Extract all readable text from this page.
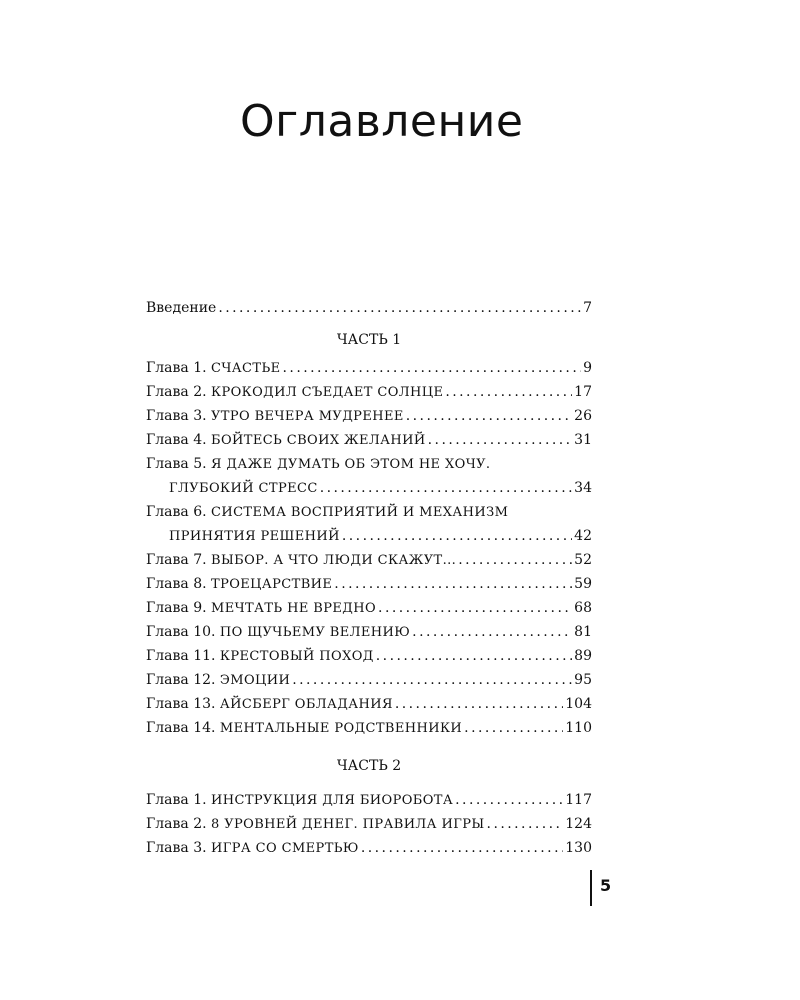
Оглавление
Введение . . .	7
ЧАСТЬ 1
Глава 1. СЧАСТЬЕ . . .	9
Глава 2. КРОКОДИЛ СЪЕДАЕТ СОЛНЦЕ . . .	17
Глава 3. УТРО ВЕЧЕРА МУДРЕНЕЕ . . .	26
Глава 4. БОЙТЕСЬ СВОИХ ЖЕЛАНИЙ . . .	31
Глава 5. Я ДАЖЕ ДУМАТЬ ОБ ЭТОМ НЕ ХОЧУ.
ГЛУБОКИЙ СТРЕСС . . .	34
Глава 6. СИСТЕМА ВОСПРИЯТИЙ И МЕХАНИЗМ
ПРИНЯТИЯ РЕШЕНИЙ . . .	42
Глава 7. ВЫБОР. А ЧТО ЛЮДИ СКАЖУТ... . . .	52
Глава 8. ТРОЕЦАРСТВИЕ . . .	59
Глава 9. МЕЧТАТЬ НЕ ВРЕДНО . . .	68
Глава 10. ПО ЩУЧЬЕМУ ВЕЛЕНИЮ . . .	81
Глава 11. КРЕСТОВЫЙ ПОХОД . . .	89
Глава 12. ЭМОЦИИ . . .	95
Глава 13. АЙСБЕРГ ОБЛАДАНИЯ . . .	104
Глава 14. МЕНТАЛЬНЫЕ РОДСТВЕННИКИ . . .	110
ЧАСТЬ 2
Глава 1. ИНСТРУКЦИЯ ДЛЯ БИОРОБОТА . . .	117
Глава 2. 8 УРОВНЕЙ ДЕНЕГ. ПРАВИЛА ИГРЫ . . .	124
Глава 3. ИГРА СО СМЕРТЬЮ . . .	130
5
